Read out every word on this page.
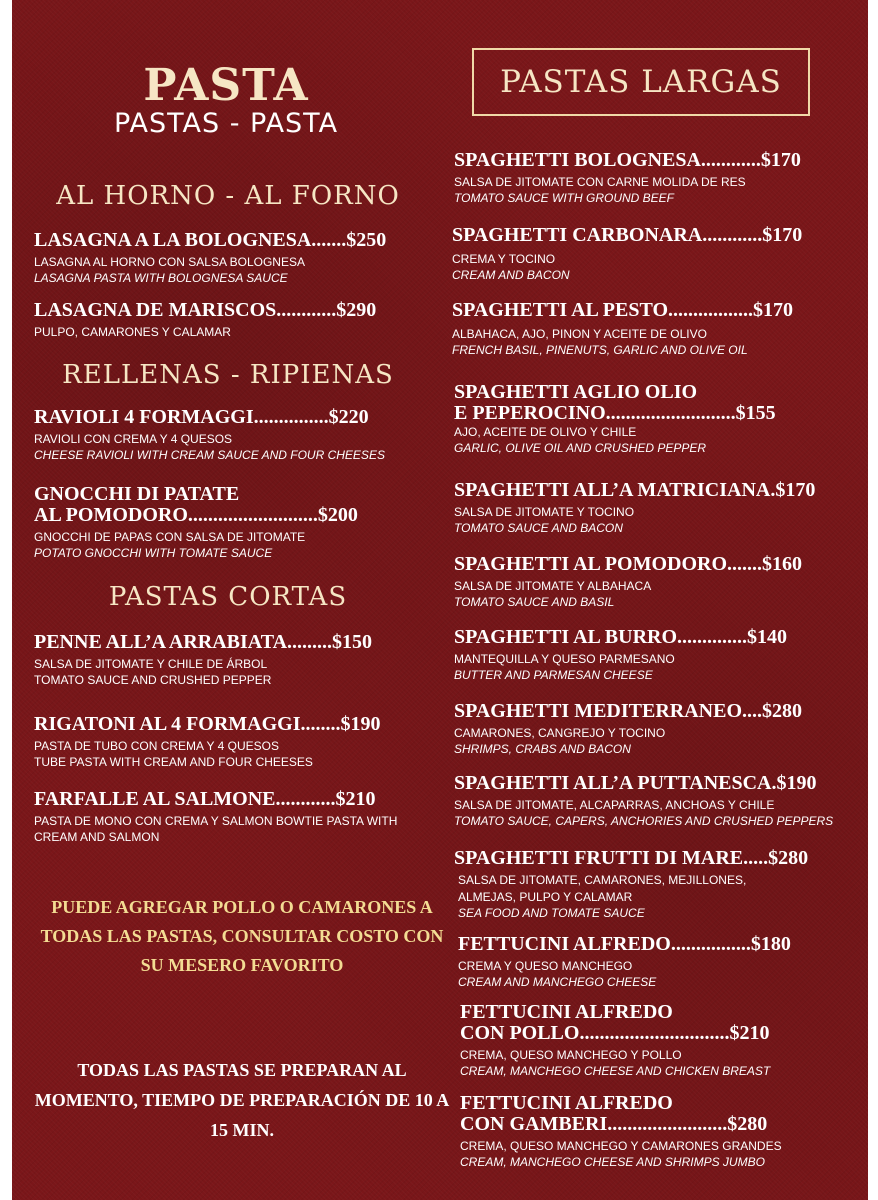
PASTA
PASTAS - PASTA
AL HORNO - AL FORNO
LASAGNA A LA BOLOGNESA.......$250
LASAGNA AL HORNO CON SALSA BOLOGNESA
LASAGNA PASTA WITH BOLOGNESA SAUCE
LASAGNA DE MARISCOS............$290
PULPO, CAMARONES Y CALAMAR
RELLENAS - RIPIENAS
RAVIOLI 4 FORMAGGI...............$220
RAVIOLI CON CREMA Y 4 QUESOS
CHEESE RAVIOLI WITH CREAM SAUCE AND FOUR CHEESES
GNOCCHI DI PATATE
AL POMODORO..........................$200
GNOCCHI DE PAPAS CON SALSA DE JITOMATE
POTATO GNOCCHI WITH TOMATE SAUCE
PASTAS CORTAS
PENNE ALL’A ARRABIATA.........$150
SALSA DE JITOMATE Y CHILE DE ÁRBOL
TOMATO SAUCE AND CRUSHED PEPPER
RIGATONI AL 4 FORMAGGI........$190
PASTA DE TUBO CON CREMA Y 4 QUESOS
TUBE PASTA WITH CREAM AND FOUR CHEESES
FARFALLE AL SALMONE............$210
PASTA DE MONO CON CREMA Y SALMON BOWTIE PASTA WITH
CREAM AND SALMON
PUEDE AGREGAR POLLO O CAMARONES A TODAS LAS PASTAS, CONSULTAR COSTO CON SU MESERO FAVORITO
TODAS LAS PASTAS SE PREPARAN AL MOMENTO, TIEMPO DE PREPARACIÓN DE 10 A 15 MIN.
PASTAS LARGAS
SPAGHETTI BOLOGNESA............$170
SALSA DE JITOMATE CON CARNE MOLIDA DE RES
TOMATO SAUCE WITH GROUND BEEF
SPAGHETTI CARBONARA............$170
CREMA Y TOCINO
CREAM AND BACON
SPAGHETTI AL PESTO.................$170
ALBAHACA, AJO, PINON Y ACEITE DE OLIVO
FRENCH BASIL, PINENUTS, GARLIC AND OLIVE OIL
SPAGHETTI AGLIO OLIO
E PEPEROCINO..........................$155
AJO, ACEITE DE OLIVO Y CHILE
GARLIC, OLIVE OIL AND CRUSHED PEPPER
SPAGHETTI ALL’A MATRICIANA.$170
SALSA DE JITOMATE Y TOCINO
TOMATO SAUCE AND BACON
SPAGHETTI AL POMODORO.......$160
SALSA DE JITOMATE Y ALBAHACA
TOMATO SAUCE AND BASIL
SPAGHETTI AL BURRO..............$140
MANTEQUILLA Y QUESO PARMESANO
BUTTER AND PARMESAN CHEESE
SPAGHETTI MEDITERRANEO....$280
CAMARONES, CANGREJO Y TOCINO
SHRIMPS, CRABS AND BACON
SPAGHETTI ALL’A PUTTANESCA.$190
SALSA DE JITOMATE, ALCAPARRAS, ANCHOAS Y CHILE
TOMATO SAUCE, CAPERS, ANCHORIES AND CRUSHED PEPPERS
SPAGHETTI FRUTTI DI MARE.....$280
SALSA DE JITOMATE, CAMARONES, MEJILLONES,
ALMEJAS, PULPO Y CALAMAR
SEA FOOD AND TOMATE SAUCE
FETTUCINI ALFREDO................$180
CREMA Y QUESO MANCHEGO
CREAM AND MANCHEGO CHEESE
FETTUCINI ALFREDO
CON POLLO..............................$210
CREMA, QUESO MANCHEGO Y POLLO
CREAM, MANCHEGO CHEESE AND CHICKEN BREAST
FETTUCINI ALFREDO
CON GAMBERI........................$280
CREMA, QUESO MANCHEGO Y CAMARONES GRANDES
CREAM, MANCHEGO CHEESE AND SHRIMPS JUMBO
